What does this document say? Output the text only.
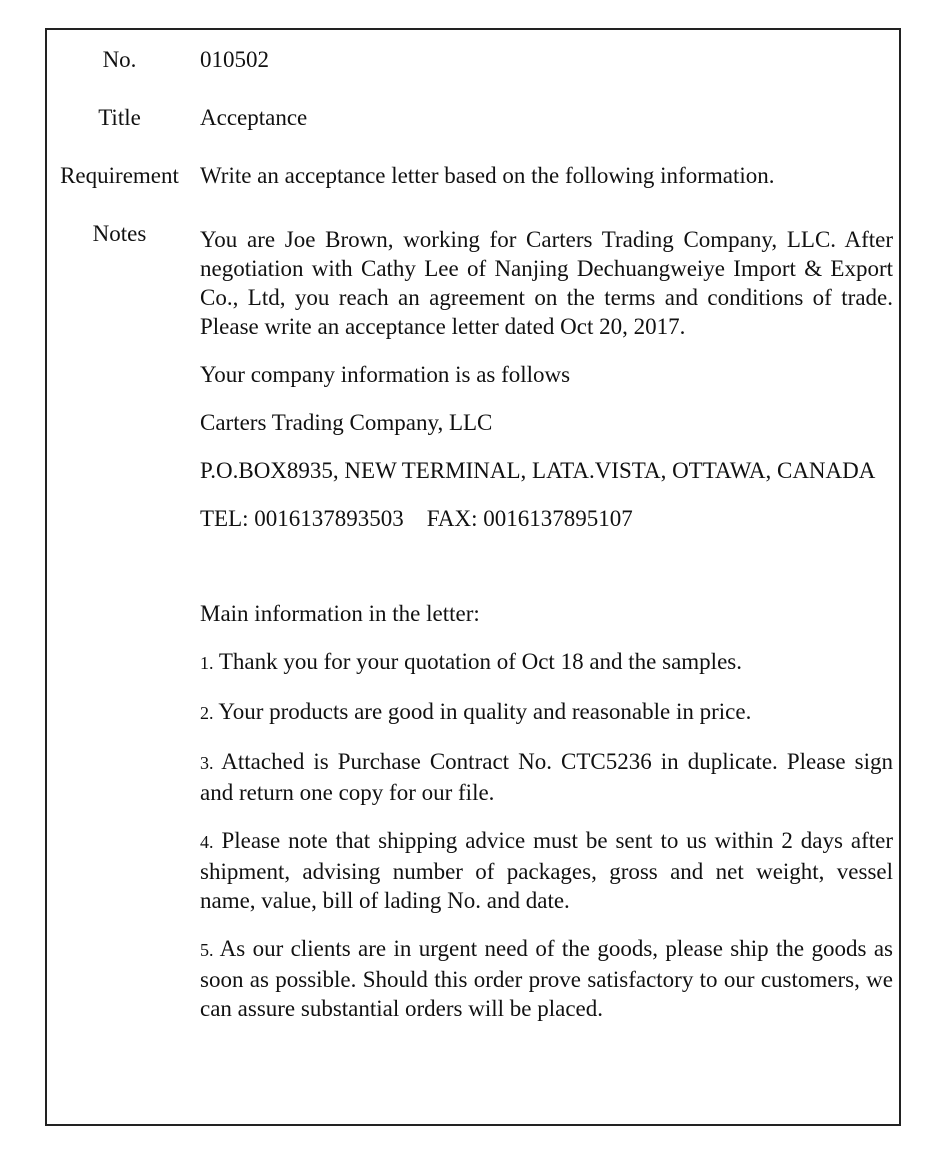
No.	010502
Title	Acceptance
Requirement Write an acceptance letter based on the following information.
Notes	You are Joe Brown, working for Carters Trading Company, LLC. After negotiation with Cathy Lee of Nanjing Dechuangweiye Import & Export Co., Ltd, you reach an agreement on the terms and conditions of trade. Please write an acceptance letter dated Oct 20, 2017.

Your company information is as follows

Carters Trading Company, LLC

P.O.BOX8935, NEW TERMINAL, LATA.VISTA, OTTAWA, CANADA

TEL: 0016137893503    FAX: 0016137895107

Main information in the letter:

1. Thank you for your quotation of Oct 18 and the samples.

2. Your products are good in quality and reasonable in price.

3. Attached is Purchase Contract No. CTC5236 in duplicate. Please sign and return one copy for our file.

4. Please note that shipping advice must be sent to us within 2 days after shipment, advising number of packages, gross and net weight, vessel name, value, bill of lading No. and date.

5. As our clients are in urgent need of the goods, please ship the goods as soon as possible. Should this order prove satisfactory to our customers, we can assure substantial orders will be placed.
